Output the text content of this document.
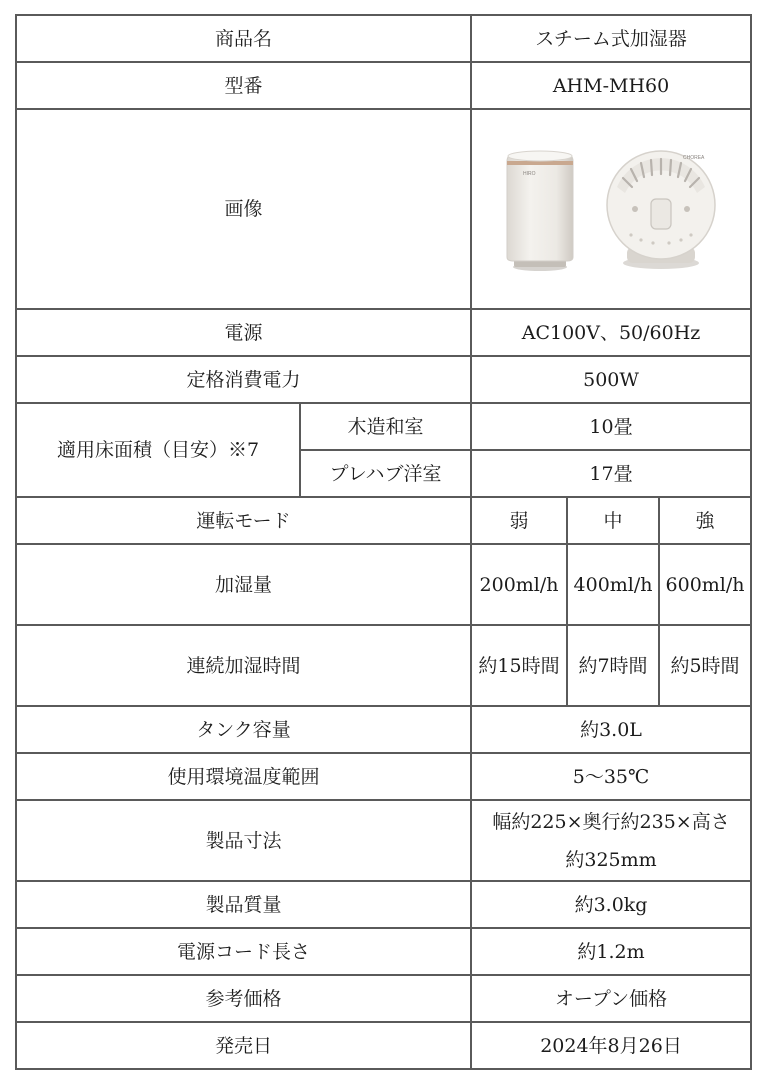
商品名		スチーム式加湿器		
型番		AHM-MH60		
画像		HIRO
CHOREA		

電源		AC100V、50/60Hz		
定格消費電力		500W		
適用床面積（目安）※7	木造和室	10畳		
	プレハブ洋室	17畳		
運転モード		弱	中	強
加湿量		200ml/h	400ml/h	600ml/h
連続加湿時間		約15時間	約7時間	約5時間
タンク容量		約3.0L		
使用環境温度範囲		5〜35℃		
製品寸法		幅約225×奥行約235×高さ約325mm		
製品質量		約3.0kg		
電源コード長さ		約1.2m		
参考価格		オープン価格		
発売日		2024年8月26日		
